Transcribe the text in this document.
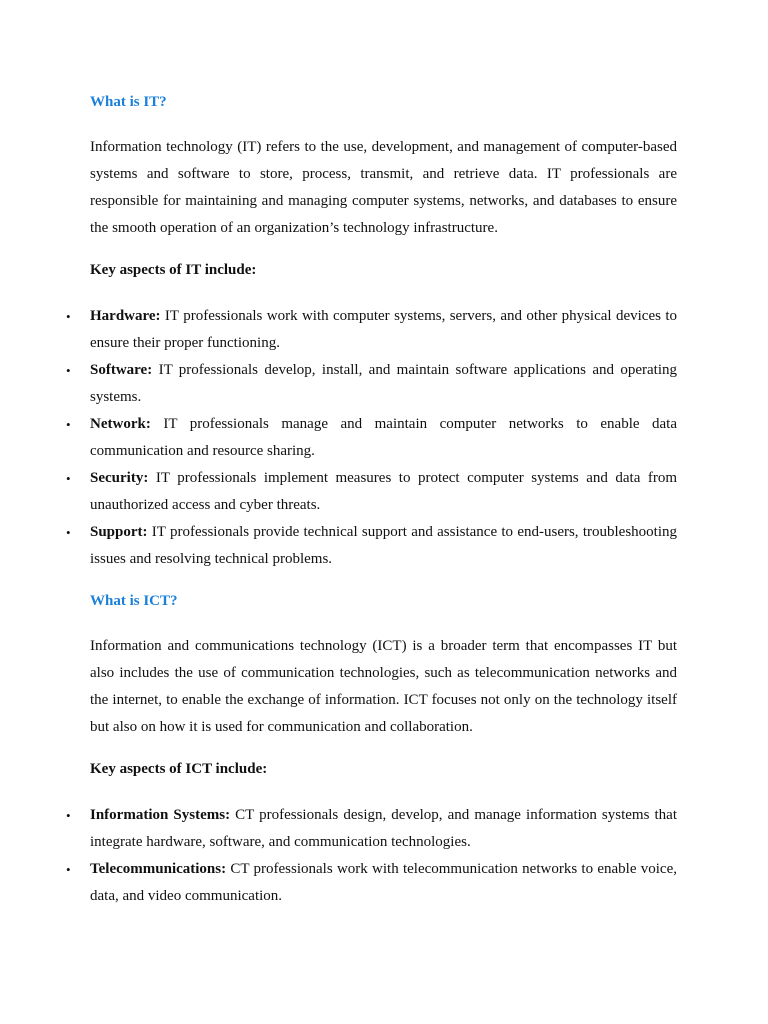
What is IT?
Information technology (IT) refers to the use, development, and management of computer-based systems and software to store, process, transmit, and retrieve data. IT professionals are responsible for maintaining and managing computer systems, networks, and databases to ensure the smooth operation of an organization’s technology infrastructure.
Key aspects of IT include:
• Hardware: IT professionals work with computer systems, servers, and other physical devices to ensure their proper functioning.
• Software: IT professionals develop, install, and maintain software applications and operating systems.
• Network: IT professionals manage and maintain computer networks to enable data communication and resource sharing.
• Security: IT professionals implement measures to protect computer systems and data from unauthorized access and cyber threats.
• Support: IT professionals provide technical support and assistance to end-users, troubleshooting issues and resolving technical problems.
What is ICT?
Information and communications technology (ICT) is a broader term that encompasses IT but also includes the use of communication technologies, such as telecommunication networks and the internet, to enable the exchange of information. ICT focuses not only on the technology itself but also on how it is used for communication and collaboration.
Key aspects of ICT include:
• Information Systems: CT professionals design, develop, and manage information systems that integrate hardware, software, and communication technologies.
• Telecommunications: CT professionals work with telecommunication networks to enable voice, data, and video communication.
